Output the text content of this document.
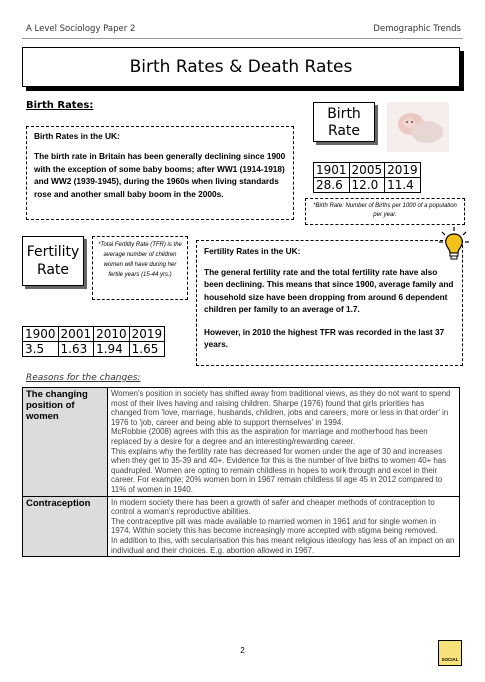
A Level Sociology Paper 2	Demographic Trends
Birth Rates & Death Rates
Birth Rates:
Birth Rates in the UK:
The birth rate in Britain has been generally declining since 1900 with the exception of some baby booms; after WW1 (1914-1918) and WW2 (1939-1945), during the 1960s when living standards rose and another small baby boom in the 2000s.
Birth Rate
1901	2005	2019
28.6	12.0	11.4
*Birth Rate: Number of Births per 1000 of a population per year.
Fertility Rate
*Total Fertility Rate (TFR) is the average number of children women will have during her fertile years (15-44 yrs.)
Fertility Rates in the UK:
The general fertility rate and the total fertility rate have also been declining. This means that since 1900, average family and household size have been dropping from around 6 dependent children per family to an average of 1.7.
However, in 2010 the highest TFR was recorded in the last 37 years.
1900	2001	2010	2019
3.5	1.63	1.94	1.65
Reasons for the changes:
The changing position of women	Women's position in society has shifted away from traditional views, as they do not want to spend most of their lives having and raising children. Sharpe (1976) found that girls priorities has changed from 'love, marriage, husbands, children, jobs and careers, more or less in that order' in 1976 to 'job, career and being able to support themselves' in 1994.

McRobbie (2008) agrees with this as the aspiration for marriage and motherhood has been replaced by a desire for a degree and an interesting/rewarding career.

This explains why the fertility rate has decreased for women under the age of 30 and increases when they get to 35-39 and 40+. Evidence for this is the number of live births to women 40+ has quadrupled. Women are opting to remain childless in hopes to work through and excel in their career. For example; 20% women born in 1967 remain childless til age 45 in 2012 compared to 11% of women in 1940.

Contraception	In modern society there has been a growth of safer and cheaper methods of contraception to control a woman's reproductive abilities.

The contraceptive pill was made available to married women in 1961 and for single women in 1974. Within society this has become increasingly more accepted with stigma being removed.

In addition to this, with secularisation this has meant religious ideology has less of an impact on an individual and their choices. E.g. abortion allowed in 1967.

2
SOCIAL
